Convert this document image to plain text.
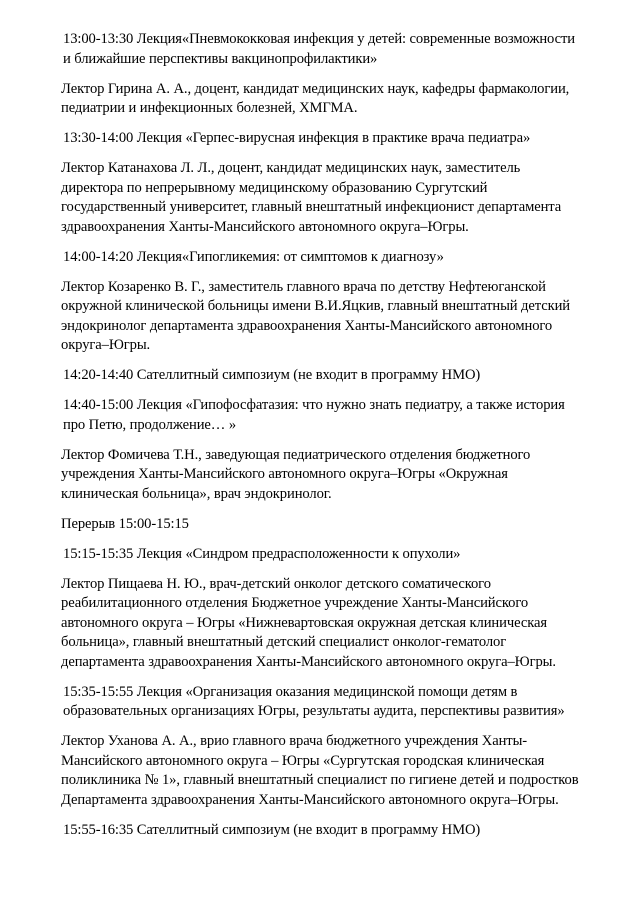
13:00-13:30 Лекция«Пневмококковая инфекция у детей: современные возможности
и ближайшие перспективы вакцинопрофилактики»

Лектор Гирина А. А., доцент, кандидат медицинских наук, кафедры фармакологии,
педиатрии и инфекционных болезней, ХМГМА.

13:30-14:00 Лекция «Герпес-вирусная инфекция в практике врача педиатра»

Лектор Катанахова Л. Л., доцент, кандидат медицинских наук, заместитель
директора по непрерывному медицинскому образованию Сургутский
государственный университет, главный внештатный инфекционист департамента
здравоохранения Ханты-Мансийского автономного округа–Югры.

14:00-14:20 Лекция«Гипогликемия: от симптомов к диагнозу»

Лектор Козаренко В. Г., заместитель главного врача по детству Нефтеюганской
окружной клинической больницы имени В.И.Яцкив, главный внештатный детский
эндокринолог департамента здравоохранения Ханты-Мансийского автономного
округа–Югры.

14:20-14:40 Сателлитный симпозиум (не входит в программу НМО)

14:40-15:00 Лекция «Гипофосфатазия: что нужно знать педиатру, а также история
про Петю, продолжение… »

Лектор Фомичева Т.Н., заведующая педиатрического отделения бюджетного
учреждения Ханты-Мансийского автономного округа–Югры «Окружная
клиническая больница», врач эндокринолог.

Перерыв 15:00-15:15

15:15-15:35 Лекция «Синдром предрасположенности к опухоли»

Лектор Пищаева Н. Ю., врач-детский онколог детского соматического
реабилитационного отделения Бюджетное учреждение Ханты-Мансийского
автономного округа – Югры «Нижневартовская окружная детская клиническая
больница», главный внештатный детский специалист онколог-гематолог
департамента здравоохранения Ханты-Мансийского автономного округа–Югры.

15:35-15:55 Лекция «Организация оказания медицинской помощи детям в
образовательных организациях Югры, результаты аудита, перспективы развития»

Лектор Уханова А. А., врио главного врача бюджетного учреждения Ханты-
Мансийского автономного округа – Югры «Сургутская городская клиническая
поликлиника № 1», главный внештатный специалист по гигиене детей и подростков
Департамента здравоохранения Ханты-Мансийского автономного округа–Югры.

15:55-16:35 Сателлитный симпозиум (не входит в программу НМО)
